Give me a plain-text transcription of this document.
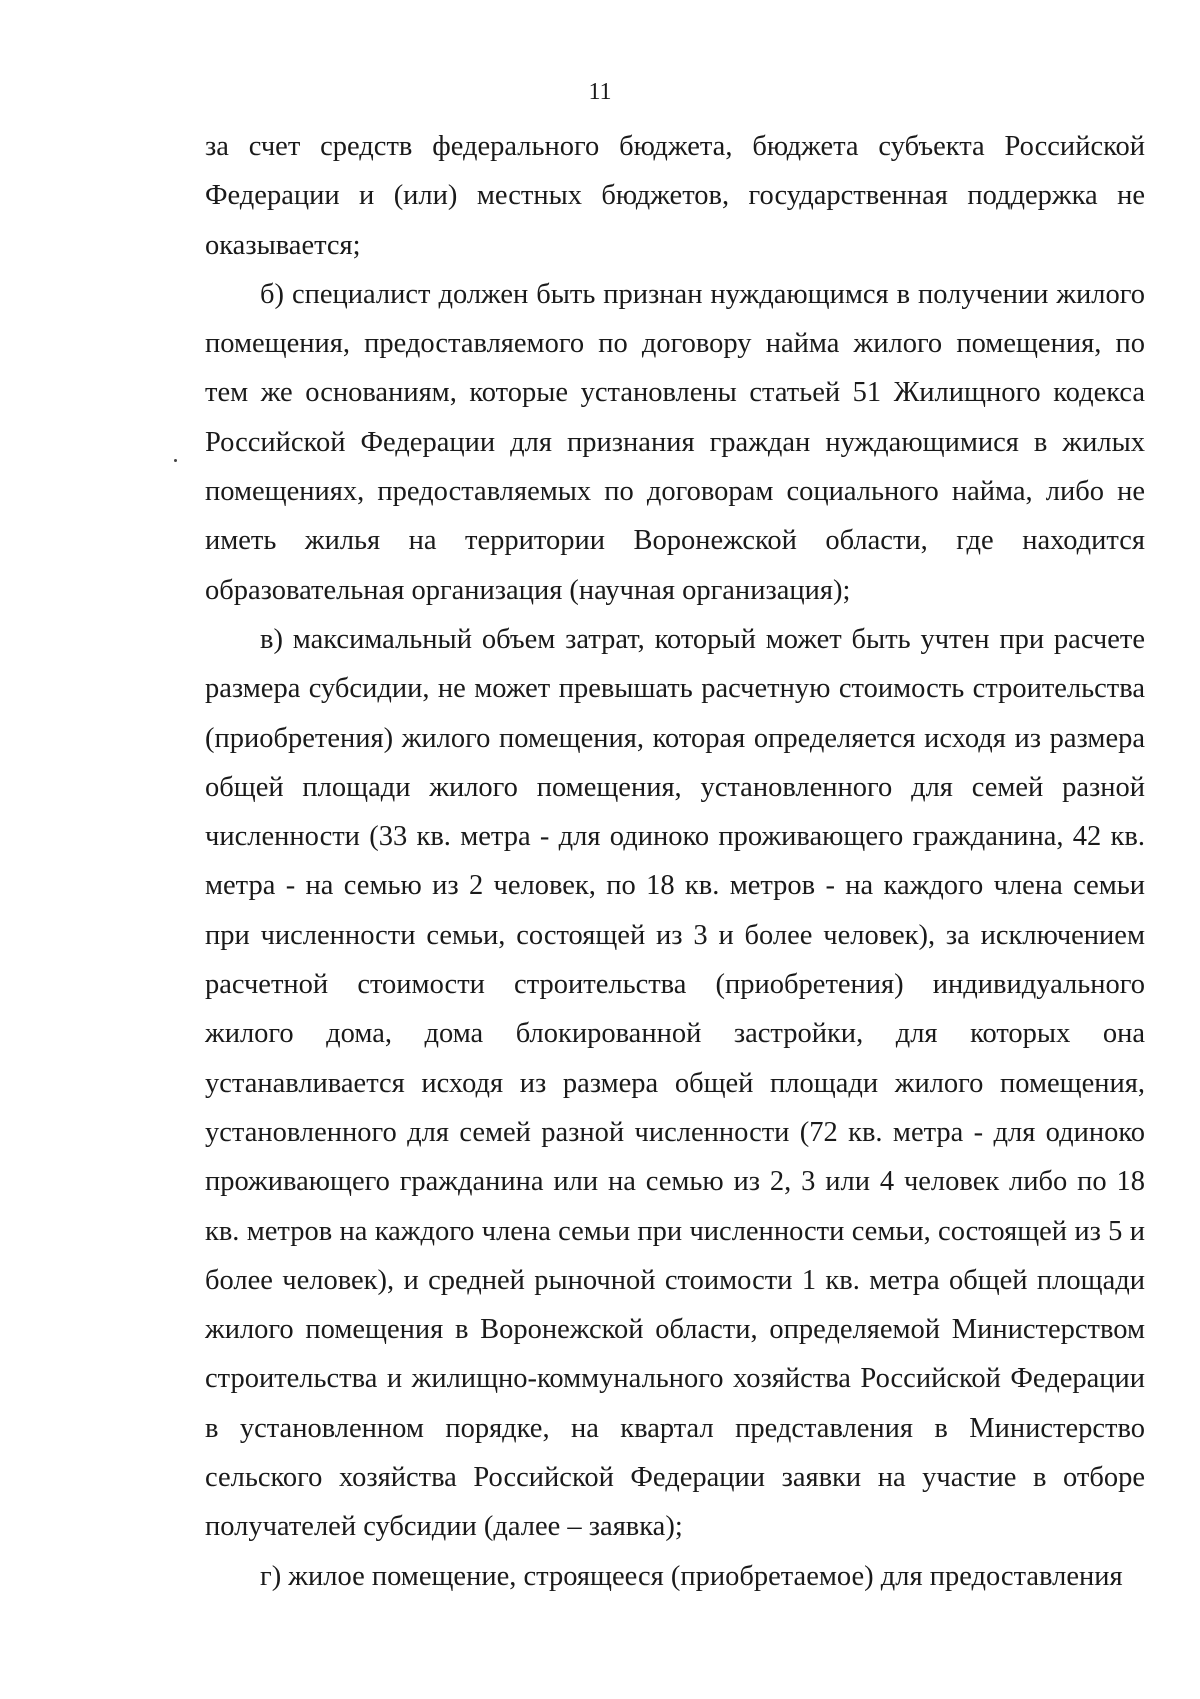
11

за счет средств федерального бюджета, бюджета субъекта Российской Федерации и (или) местных бюджетов, государственная поддержка не оказывается;

б) специалист должен быть признан нуждающимся в получении жилого помещения, предоставляемого по договору найма жилого помещения, по тем же основаниям, которые установлены статьей 51 Жилищного кодекса Российской Федерации для признания граждан нуждающимися в жилых помещениях, предоставляемых по договорам социального найма, либо не иметь жилья на территории Воронежской области, где находится образовательная организация (научная организация);

в) максимальный объем затрат, который может быть учтен при расчете размера субсидии, не может превышать расчетную стоимость строительства (приобретения) жилого помещения, которая определяется исходя из размера общей площади жилого помещения, установленного для семей разной численности (33 кв. метра - для одиноко проживающего гражданина, 42 кв. метра - на семью из 2 человек, по 18 кв. метров - на каждого члена семьи при численности семьи, состоящей из 3 и более человек), за исключением расчетной стоимости строительства (приобретения) индивидуального жилого дома, дома блокированной застройки, для которых она устанавливается исходя из размера общей площади жилого помещения, установленного для семей разной численности (72 кв. метра - для одиноко проживающего гражданина или на семью из 2, 3 или 4 человек либо по 18 кв. метров на каждого члена семьи при численности семьи, состоящей из 5 и более человек), и средней рыночной стоимости 1 кв. метра общей площади жилого помещения в Воронежской области, определяемой Министерством строительства и жилищно-коммунального хозяйства Российской Федерации в установленном порядке, на квартал представления в Министерство сельского хозяйства Российской Федерации заявки на участие в отборе получателей субсидии (далее – заявка);

г) жилое помещение, строящееся (приобретаемое) для предоставления
